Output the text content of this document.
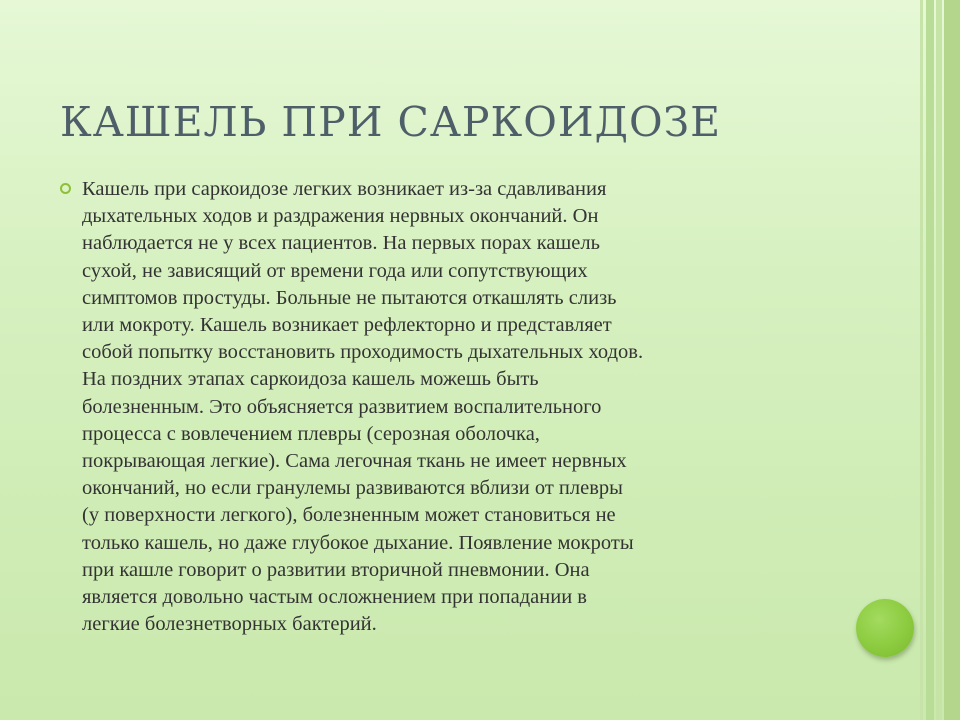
КАШЕЛЬ ПРИ САРКОИДОЗЕ

Кашель при саркоидозе легких возникает из-за сдавливания
дыхательных ходов и раздражения нервных окончаний. Он
наблюдается не у всех пациентов. На первых порах кашель
сухой, не зависящий от времени года или сопутствующих
симптомов простуды. Больные не пытаются откашлять слизь
или мокроту. Кашель возникает рефлекторно и представляет
собой попытку восстановить проходимость дыхательных ходов.
На поздних этапах саркоидоза кашель можешь быть
болезненным. Это объясняется развитием воспалительного
процесса с вовлечением плевры (серозная оболочка,
покрывающая легкие). Сама легочная ткань не имеет нервных
окончаний, но если гранулемы развиваются вблизи от плевры
(у поверхности легкого), болезненным может становиться не
только кашель, но даже глубокое дыхание. Появление мокроты
при кашле говорит о развитии вторичной пневмонии. Она
является довольно частым осложнением при попадании в
легкие болезнетворных бактерий.
